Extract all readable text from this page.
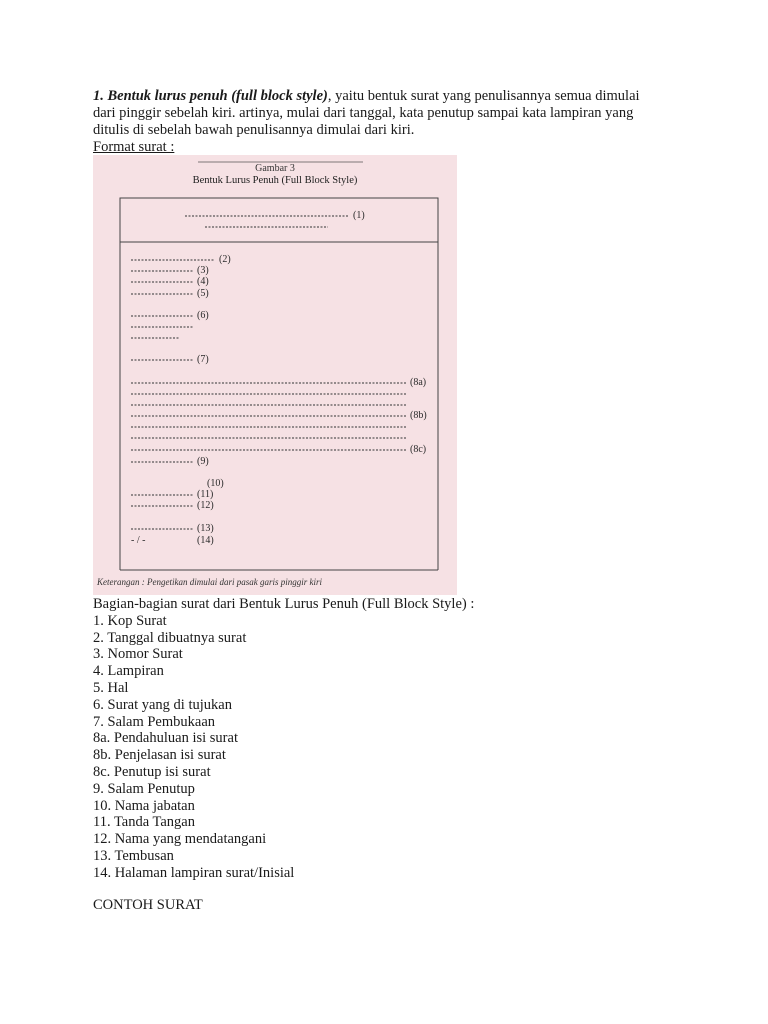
1. Bentuk lurus penuh (full block style), yaitu bentuk surat yang penulisannya semua dimulai dari pinggir sebelah kiri. artinya, mulai dari tanggal, kata penutup sampai kata lampiran yang ditulis di sebelah bawah penulisannya dimulai dari kiri.
Format surat :
Gambar 3
Bentuk Lurus Penuh (Full Block Style)
(1)
(2)
(3)
(4)
(5)
(6)
(7)
(8a)
(8b)
(8c)
(9)
(10)
(11)
(12)
(13)
- / -	(14)
Keterangan : Pengetikan dimulai dari pasak garis pinggir kiri
Bagian-bagian surat dari Bentuk Lurus Penuh (Full Block Style) :
1. Kop Surat
2. Tanggal dibuatnya surat
3. Nomor Surat
4. Lampiran
5. Hal
6. Surat yang di tujukan
7. Salam Pembukaan
8a. Pendahuluan isi surat
8b. Penjelasan isi surat
8c. Penutup isi surat
9. Salam Penutup
10. Nama jabatan
11. Tanda Tangan
12. Nama yang mendatangani
13. Tembusan
14. Halaman lampiran surat/Inisial
CONTOH SURAT
